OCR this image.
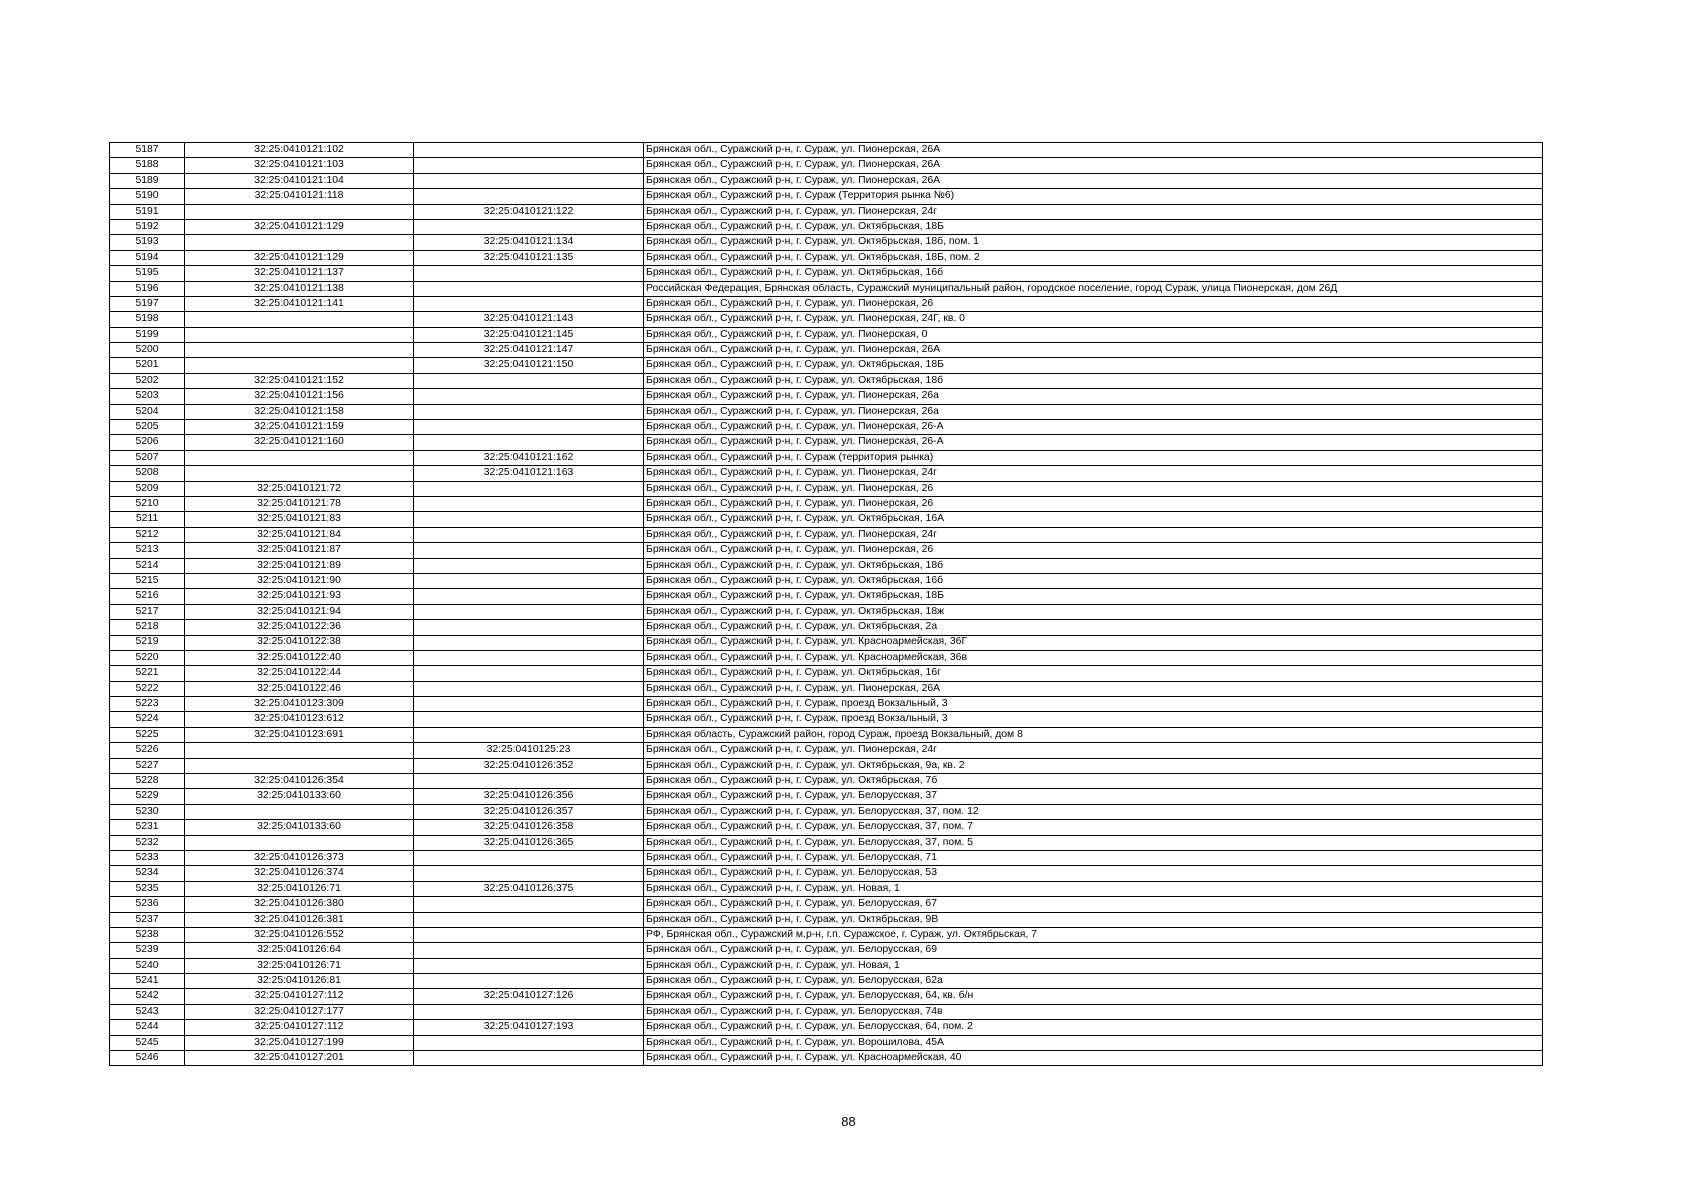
5187	32:25:0410121:102		Брянская обл., Суражский р-н, г. Сураж, ул. Пионерская, 26А
5188	32:25:0410121:103		Брянская обл., Суражский р-н, г. Сураж, ул. Пионерская, 26А
5189	32:25:0410121:104		Брянская обл., Суражский р-н, г. Сураж, ул. Пионерская, 26А
5190	32:25:0410121:118		Брянская обл., Суражский р-н, г. Сураж (Территория рынка №6)
5191		32:25:0410121:122	Брянская обл., Суражский р-н, г. Сураж, ул. Пионерская, 24г
5192	32:25:0410121:129		Брянская обл., Суражский р-н, г. Сураж, ул. Октябрьская, 18Б
5193		32:25:0410121:134	Брянская обл., Суражский р-н, г. Сураж, ул. Октябрьская, 18б, пом. 1
5194	32:25:0410121:129	32:25:0410121:135	Брянская обл., Суражский р-н, г. Сураж, ул. Октябрьская, 18Б, пом. 2
5195	32:25:0410121:137		Брянская обл., Суражский р-н, г. Сураж, ул. Октябрьская, 16б
5196	32:25:0410121:138		Российская Федерация, Брянская область, Суражский муниципальный район, городское поселение, город Сураж, улица Пионерская, дом 26Д
5197	32:25:0410121:141		Брянская обл., Суражский р-н, г. Сураж, ул. Пионерская, 26
5198		32:25:0410121:143	Брянская обл., Суражский р-н, г. Сураж, ул. Пионерская, 24Г, кв. 0
5199		32:25:0410121:145	Брянская обл., Суражский р-н, г. Сураж, ул. Пионерская, 0
5200		32:25:0410121:147	Брянская обл., Суражский р-н, г. Сураж, ул. Пионерская, 26А
5201		32:25:0410121:150	Брянская обл., Суражский р-н, г. Сураж, ул. Октябрьская, 18Б
5202	32:25:0410121:152		Брянская обл., Суражский р-н, г. Сураж, ул. Октябрьская, 18б
5203	32:25:0410121:156		Брянская обл., Суражский р-н, г. Сураж, ул. Пионерская, 26а
5204	32:25:0410121:158		Брянская обл., Суражский р-н, г. Сураж, ул. Пионерская, 26а
5205	32:25:0410121:159		Брянская обл., Суражский р-н, г. Сураж, ул. Пионерская, 26-А
5206	32:25:0410121:160		Брянская обл., Суражский р-н, г. Сураж, ул. Пионерская, 26-А
5207		32:25:0410121:162	Брянская обл., Суражский р-н, г. Сураж (территория рынка)
5208		32:25:0410121:163	Брянская обл., Суражский р-н, г. Сураж, ул. Пионерская, 24г
5209	32:25:0410121:72		Брянская обл., Суражский р-н, г. Сураж, ул. Пионерская, 26
5210	32:25:0410121:78		Брянская обл., Суражский р-н, г. Сураж, ул. Пионерская, 26
5211	32:25:0410121:83		Брянская обл., Суражский р-н, г. Сураж, ул. Октябрьская, 16А
5212	32:25:0410121:84		Брянская обл., Суражский р-н, г. Сураж, ул. Пионерская, 24г
5213	32:25:0410121:87		Брянская обл., Суражский р-н, г. Сураж, ул. Пионерская, 26
5214	32:25:0410121:89		Брянская обл., Суражский р-н, г. Сураж, ул. Октябрьская, 18б
5215	32:25:0410121:90		Брянская обл., Суражский р-н, г. Сураж, ул. Октябрьская, 16б
5216	32:25:0410121:93		Брянская обл., Суражский р-н, г. Сураж, ул. Октябрьская, 18Б
5217	32:25:0410121:94		Брянская обл., Суражский р-н, г. Сураж, ул. Октябрьская, 18ж
5218	32:25:0410122:36		Брянская обл., Суражский р-н, г. Сураж, ул. Октябрьская, 2а
5219	32:25:0410122:38		Брянская обл., Суражский р-н, г. Сураж, ул. Красноармейская, 36Г
5220	32:25:0410122:40		Брянская обл., Суражский р-н, г. Сураж, ул. Красноармейская, 36в
5221	32:25:0410122:44		Брянская обл., Суражский р-н, г. Сураж, ул. Октябрьская, 16г
5222	32:25:0410122:46		Брянская обл., Суражский р-н, г. Сураж, ул. Пионерская, 26А
5223	32:25:0410123:309		Брянская обл., Суражский р-н, г. Сураж, проезд Вокзальный, 3
5224	32:25:0410123:612		Брянская обл., Суражский р-н, г. Сураж, проезд Вокзальный, 3
5225	32:25:0410123:691		Брянская область, Суражский район, город Сураж, проезд Вокзальный, дом 8
5226		32:25:0410125:23	Брянская обл., Суражский р-н, г. Сураж, ул. Пионерская, 24г
5227		32:25:0410126:352	Брянская обл., Суражский р-н, г. Сураж, ул. Октябрьская, 9а, кв. 2
5228	32:25:0410126:354		Брянская обл., Суражский р-н, г. Сураж, ул. Октябрьская, 7б
5229	32:25:0410133:60	32:25:0410126:356	Брянская обл., Суражский р-н, г. Сураж, ул. Белорусская, 37
5230		32:25:0410126:357	Брянская обл., Суражский р-н, г. Сураж, ул. Белорусская, 37, пом. 12
5231	32:25:0410133:60	32:25:0410126:358	Брянская обл., Суражский р-н, г. Сураж, ул. Белорусская, 37, пом. 7
5232		32:25:0410126:365	Брянская обл., Суражский р-н, г. Сураж, ул. Белорусская, 37, пом. 5
5233	32:25:0410126:373		Брянская обл., Суражский р-н, г. Сураж, ул. Белорусская, 71
5234	32:25:0410126:374		Брянская обл., Суражский р-н, г. Сураж, ул. Белорусская, 53
5235	32:25:0410126:71	32:25:0410126:375	Брянская обл., Суражский р-н, г. Сураж, ул. Новая, 1
5236	32:25:0410126:380		Брянская обл., Суражский р-н, г. Сураж, ул. Белорусская, 67
5237	32:25:0410126:381		Брянская обл., Суражский р-н, г. Сураж, ул. Октябрьская, 9В
5238	32:25:0410126:552		РФ, Брянская обл., Суражский м.р-н, г.п. Суражское, г. Сураж, ул. Октябрьская, 7
5239	32:25:0410126:64		Брянская обл., Суражский р-н, г. Сураж, ул. Белорусская, 69
5240	32:25:0410126:71		Брянская обл., Суражский р-н, г. Сураж, ул. Новая, 1
5241	32:25:0410126:81		Брянская обл., Суражский р-н, г. Сураж, ул. Белорусская, 62а
5242	32:25:0410127:112	32:25:0410127:126	Брянская обл., Суражский р-н, г. Сураж, ул. Белорусская, 64, кв. б/н
5243	32:25:0410127:177		Брянская обл., Суражский р-н, г. Сураж, ул. Белорусская, 74в
5244	32:25:0410127:112	32:25:0410127:193	Брянская обл., Суражский р-н, г. Сураж, ул. Белорусская, 64, пом. 2
5245	32:25:0410127:199		Брянская обл., Суражский р-н, г. Сураж, ул. Ворошилова, 45А
5246	32:25:0410127:201		Брянская обл., Суражский р-н, г. Сураж, ул. Красноармейская, 40
88
